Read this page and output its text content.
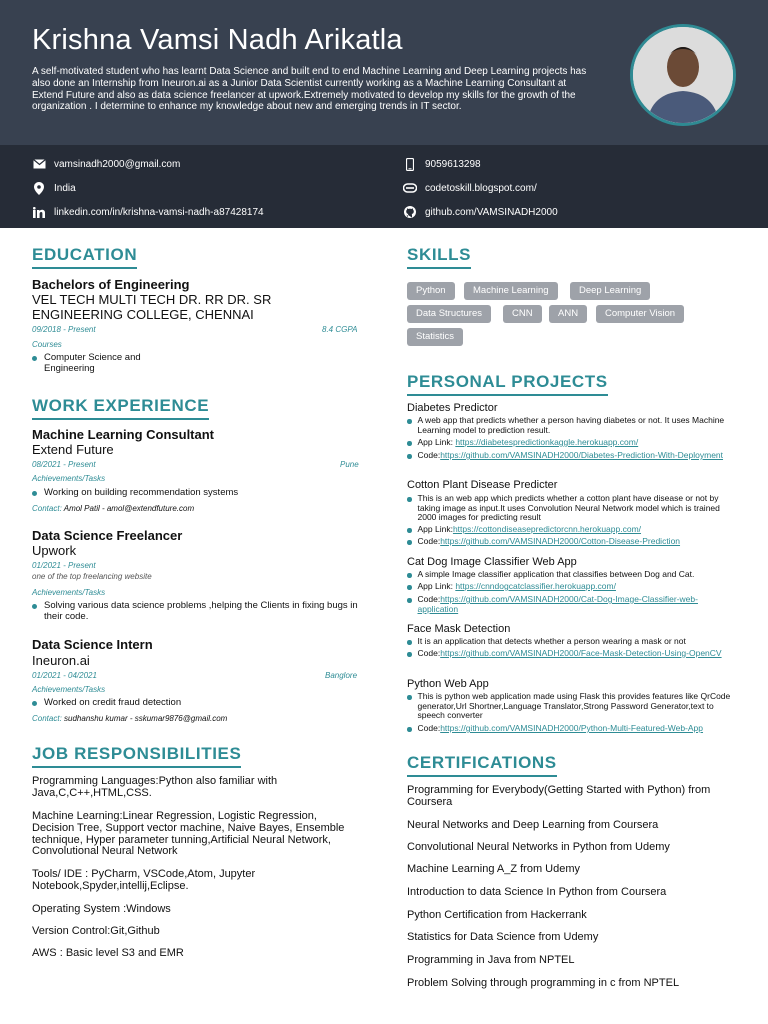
Krishna Vamsi Nadh Arikatla
A self-motivated student who has learnt Data Science and built end to end Machine Learning and Deep Learning projects has also done an Internship from Ineuron.ai as a Junior Data Scientist currently working as a Machine Learning Consultant at Extend Future and also as data science freelancer at upwork.Extremely motivated to develop my skills for the growth of the organization . I determine to enhance my knowledge about new and emerging trends in IT sector.
vamsinadh2000@gmail.com
India
linkedin.com/in/krishna-vamsi-nadh-a87428174
9059613298
codetoskill.blogspot.com/
github.com/VAMSINADH2000
EDUCATION
Bachelors of Engineering
VEL TECH MULTI TECH DR. RR DR. SR ENGINEERING COLLEGE, CHENNAI
09/2018 - Present	8.4 CGPA
Courses
Computer Science and Engineering
WORK EXPERIENCE
Machine Learning Consultant
Extend Future
08/2021 - Present	Pune
Achievements/Tasks
Working on building recommendation systems
Contact: Amol Patil - amol@extendfuture.com
Data Science Freelancer
Upwork
01/2021 - Present
one of the top freelancing website
Achievements/Tasks
Solving various data science problems ,helping the Clients in fixing bugs in their code.
Data Science Intern
Ineuron.ai
01/2021 - 04/2021	Banglore
Achievements/Tasks
Worked on credit fraud detection
Contact: sudhanshu kumar - sskumar9876@gmail.com
JOB RESPONSIBILITIES
Programming Languages:Python also familiar with Java,C,C++,HTML,CSS.
Machine Learning:Linear Regression, Logistic Regression, Decision Tree, Support vector machine, Naive Bayes, Ensemble technique, Hyper parameter tunning,Artificial Neural Network, Convolutional Neural Network
Tools/ IDE : PyCharm, VSCode,Atom, Jupyter Notebook,Spyder,intellij,Eclipse.
Operating System :Windows
Version Control:Git,Github
AWS : Basic level S3 and EMR
SKILLS
Python	Machine Learning	Deep Learning
Data Structures	CNN	ANN	Computer Vision
Statistics
PERSONAL PROJECTS
Diabetes Predictor
A web app that predicts whether a person having diabetes or not. It uses Machine Learning model to prediction result.
App Link: https://diabetespredictionkaggle.herokuapp.com/
Code:https://github.com/VAMSINADH2000/Diabetes-Prediction-With-Deployment
Cotton Plant Disease Predicter
This is an web app which predicts whether a cotton plant have disease or not by taking image as input.It uses Convolution Neural Network model which is trained 2000 images for predicting result
App Link:https://cottondiseasepredictorcnn.herokuapp.com/
Code:https://github.com/VAMSINADH2000/Cotton-Disease-Prediction
Cat Dog Image Classifier Web App
A simple Image classifier application that classifies between Dog and Cat.
App Link: https://cnndogcatclassifier.herokuapp.com/
Code:https://github.com/VAMSINADH2000/Cat-Dog-Image-Classifier-web-application
Face Mask Detection
It is an application that detects whether a person wearing a mask or not
Code:https://github.com/VAMSINADH2000/Face-Mask-Detection-Using-OpenCV
Python Web App
This is python web application made using Flask this provides features like QrCode generator,Url Shortner,Language Translator,Strong Password Generator,text to speech converter
Code:https://github.com/VAMSINADH2000/Python-Multi-Featured-Web-App
CERTIFICATIONS
Programming for Everybody(Getting Started with Python) from Coursera
Neural Networks and Deep Learning from Coursera
Convolutional Neural Networks in Python from Udemy
Machine Learning A_Z from Udemy
Introduction to data Science In Python from Coursera
Python Certification from Hackerrank
Statistics for Data Science from Udemy
Programming in Java from NPTEL
Problem Solving through programming in c from NPTEL
